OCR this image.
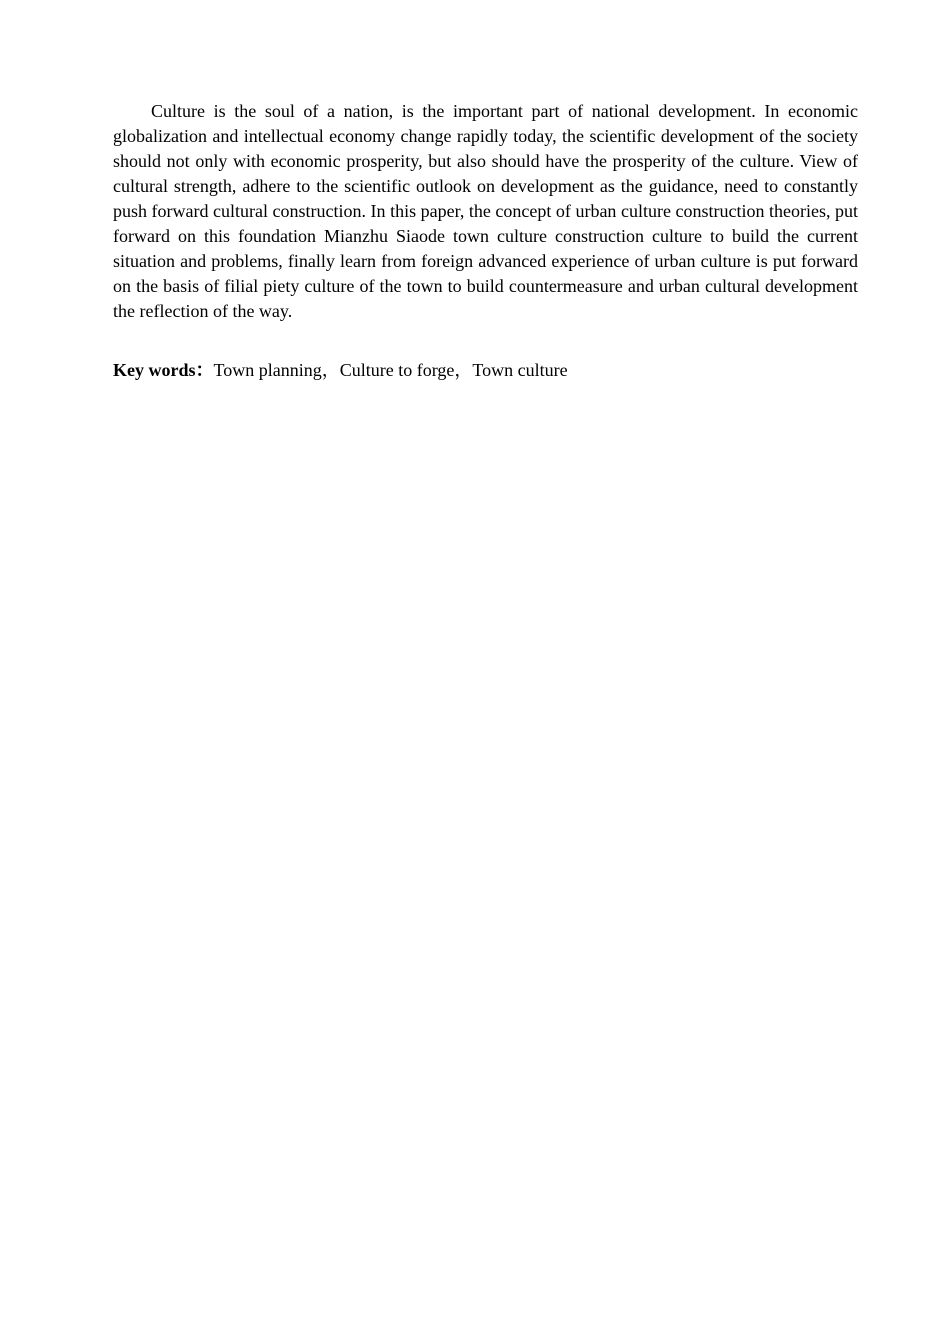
Culture is the soul of a nation, is the important part of national development. In economic globalization and intellectual economy change rapidly today, the scientific development of the society should not only with economic prosperity, but also should have the prosperity of the culture. View of cultural strength, adhere to the scientific outlook on development as the guidance, need to constantly push forward cultural construction. In this paper, the concept of urban culture construction theories, put forward on this foundation Mianzhu Siaode town culture construction culture to build the current situation and problems, finally learn from foreign advanced experience of urban culture is put forward on the basis of filial piety culture of the town to build countermeasure and urban cultural development the reflection of the way.

Key words：Town planning，Culture to forge，Town culture
